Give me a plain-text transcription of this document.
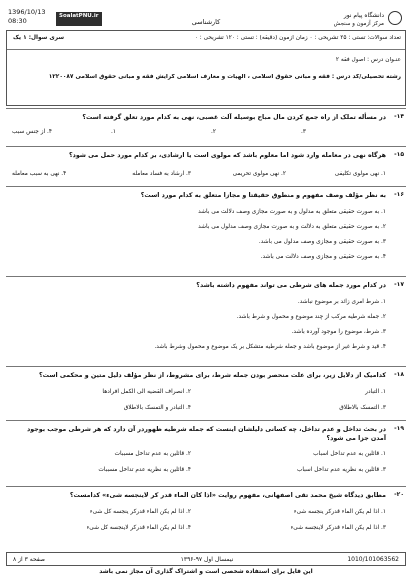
1396/10/13
08:30
SoalatPNU.ir
کارشناسی
دانشگاه پیام نور
مرکز آزمون و سنجش
تعداد سوالات: تستی : ۲۵ تشریحی : ۰ زمان آزمون (دقیقه) : تستی : ۱۲۰ تشریحی : ۰
سری سوال: ۱ یک
عنـوان درس : اصول فقه ۲
رشته تحصیلی/کد درس : فقه و مبانی حقوق اسلامی ، الهیات و معارف اسلامی گرایش فقه و مبانی حقوق اسلامی ۱۲۲۰۰۸۷
۱۴-
در مسأله تملک از راه جمع کردن مال مباح بوسیله آلت غصبی، نهی به کدام مورد تعلق گرفته است؟
۱.	۲.	۳.
۴. از جنس سبب
۱۵-
هرگاه نهی در معامله وارد شود اما معلوم باشد که مولوی است یا ارشادی، بر کدام مورد حمل می شود؟
۱. نهی مولوی تکلیفی
۲. نهی مولوی تحریمی
۳. ارشاد به فساد معامله
۴. نهی به سبب معامله
۱۶-
به نظر مؤلف وصف مفهوم و منطوق حقیقتا و مجازا متعلق به کدام مورد است؟
۱. به صورت حقیقی متعلق به مدلول و به صورت مجازی وصف دلالت می باشد
۲. به صورت حقیقی متعلق به دلالت و به صورت مجازی وصف مدلول می باشد
۳. به صورت حقیقی و مجازی وصف مدلول می باشد.
۴. به صورت حقیقی و مجازی وصف دلالت می باشد.
۱۷-
در کدام مورد جمله های شرطی می تواند مفهوم داشته باشد؟
۱. شرط امری زائد بر موضوع نباشد.
۲. جمله شرطیه مرکب از چند موضوع و محمول و شرط باشد.
۳. شرط، موضوع را موجود آورده باشد.
۴. قید و شرط غیر از موضوع باشد و جمله شرطیه متشکل بر یک موضوع و محمول وشرط باشد.
۱۸-
کدامیک از دلایل زیر، برای علت منحصر بودن جمله شرط، برای مشروط، از نظر مؤلف دلیل متین و محکمی است؟
۱. التبادر
۲. انصراف القضیه الی الکمل افرادها
۳. التمسک بالاطلاق
۴. التبادر و التمسک بالاطلاق
۱۹-
در بحث تداخل و عدم تداخل، چه کسانی دلیلشان اینست که جمله شرطیه ظهوردر آن دارد که هر شرطی موجب بوجود آمدن جزا می شود؟
۱. قائلین به عدم تداخل اسباب
۲. قائلین به عدم تداخل مسببات
۳. قائلین به نظریه عدم تداخل اسباب
۴. قائلین به نظریه عدم تداخل مسببات
۲۰-
مطابق دیدگاه شیخ محمد تقی اصفهانی، مفهوم روایت «اذا کان الماء قدر کر لاینجسه شیء» کدامست؟
۱. اذا لم یکن الماء قدرکر ینجسه شیء
۲. اذا لم یکن الماء قدرکر ینجسه کل شیء
۳. اذا لم یکن الماء قدرکر لاینجسه شیء
۴. اذا لم یکن الماء قدرکر لاینجسه کل شیء
صفحه ۳ از ۸	نیمسال اول ۹۷-۱۳۹۶	1010/101063562
این فایل برای استفاده شخصی است و اشتراک گذاری آن مجاز نمی باشد
